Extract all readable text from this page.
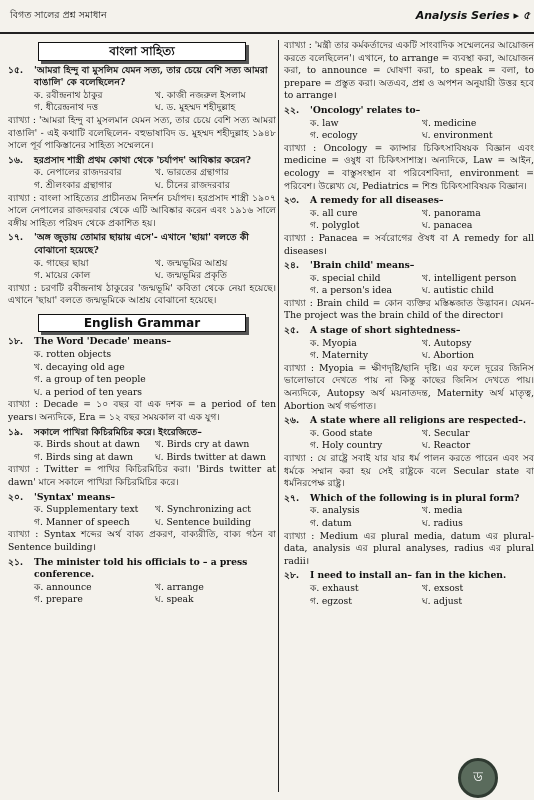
বিগত সালের প্রশ্ন সমাধান	Analysis Series ▸ ৫
বাংলা সাহিত্য
১৫.	'আমরা হিন্দু বা মুসলিম যেমন সত্য, তার চেয়ে বেশি সত্য আমরা বাঙালি' কে বলেছিলেন?
ক. রবীন্দ্রনাথ ঠাকুর	খ. কাজী নজরুল ইসলাম
গ. ধীরেন্দ্রনাথ দত্ত	ঘ. ড. মুহম্মদ শহীদুল্লাহ
ব্যাখ্যা : 'আমরা হিন্দু বা মুসলমান যেমন সত্য, তার চেয়ে বেশি সত্য আমরা বাঙালি' - এই কথাটি বলেছিলেন- বহুভাষাবিদ ড. মুহম্মদ শহীদুল্লাহ ১৯৪৮ সালে পূর্ব পাকিস্তানের সাহিত্য সম্মেলনে।
১৬.	হরপ্রসাদ শাস্ত্রী প্রথম কোথা থেকে 'চর্যাপদ' আবিষ্কার করেন?
ক. নেপালের রাজদরবার	খ. ভারতের গ্রন্থাগার
গ. শ্রীলংকার গ্রন্থাগার	ঘ. চীনের রাজদরবার
ব্যাখ্যা : বাংলা সাহিত্যের প্রাচীনতম নিদর্শন চর্যাপদ। হরপ্রসাদ শাস্ত্রী ১৯০৭ সালে নেপালের রাজদরবার থেকে এটি আবিষ্কার করেন এবং ১৯১৬ সালে বঙ্গীয় সাহিত্য পরিষদ থেকে প্রকাশিত হয়।
১৭.	'অঙ্গ জুড়ায় তোমার ছায়ায় এসে'- এখানে 'ছায়া' বলতে কী বোঝানো হয়েছে?
ক. গাছের ছায়া	খ. জন্মভূমির আশ্রয়
গ. মায়ের কোল	ঘ. জন্মভূমির প্রকৃতি
ব্যাখ্যা : চরণটি রবীন্দ্রনাথ ঠাকুরের 'জন্মভূমি' কবিতা থেকে নেয়া হয়েছে। এখানে 'ছায়া' বলতে জন্মভূমিকে আশ্রয় বোঝানো হয়েছে।
English Grammar
১৮.	The Word 'Decade' means–
ক. rotten objects
খ. decaying old age
গ. a group of ten people
ঘ. a period of ten years
ব্যাখ্যা : Decade = ১০ বছর বা এক দশক = a period of ten years। অন্যদিকে, Era = ১২ বছর সময়কাল বা এক যুগ।
১৯.	সকালে পাখিরা কিচিরমিচির করে। ইংরেজিতে–
ক. Birds shout at dawn	খ. Birds cry at dawn
গ. Birds sing at dawn	ঘ. Birds twitter at dawn
ব্যাখ্যা : Twitter = পাখির কিচিরমিচির করা। 'Birds twitter at dawn' মানে সকালে পাখিরা কিচিরমিচির করে।
২০.	'Syntax' means–
ক. Supplementary text	খ. Synchronizing act
গ. Manner of speech	ঘ. Sentence building
ব্যাখ্যা : Syntax শব্দের অর্থ বাক্য প্রকরণ, বাক্যরীতি, বাক্য গঠন বা Sentence building।
২১.	The minister told his officials to – a press conference.
ক. announce	খ. arrange
গ. prepare	ঘ. speak
ব্যাখ্যা : 'মন্ত্রী তার কর্মকর্তাদের একটি সাংবাদিক সম্মেলনের আয়োজন করতে বলেছিলেন'। এখানে, to arrange = ব্যবস্থা করা, আয়োজন করা, to announce = ঘোষণা করা, to speak = বলা, to prepare = প্রস্তুত করা। অতএব, প্রশ্ন ও অপশন অনুযায়ী উত্তর হবে to arrange।
২২.	'Oncology' relates to–
ক. law	খ. medicine
গ. ecology	ঘ. environment
ব্যাখ্যা : Oncology = ক্যান্সার চিকিৎসাবিষয়ক বিজ্ঞান এবং medicine = ওষুধ বা চিকিৎসাশাস্ত্র। অন্যদিকে, Law = আইন, ecology = বাস্তুসংস্থান বা পরিবেশবিদ্যা, environment = পরিবেশ। উল্লেখ্য যে, Pediatrics = শিশু চিকিৎসাবিষয়ক বিজ্ঞান।
২৩.	A remedy for all diseases–
ক. all cure	খ. panorama
গ. polyglot	ঘ. panacea
ব্যাখ্যা : Panacea = সর্বরোগের ঔষধ বা A remedy for all diseases।
২৪.	'Brain child' means–
ক. special child	খ. intelligent person
গ. a person's idea	ঘ. autistic child
ব্যাখ্যা : Brain child = কোন ব্যক্তির মস্তিষ্কজাত উদ্ভাবন। যেমন- The project was the brain child of the director।
২৫.	A stage of short sightedness–
ক. Myopia	খ. Autopsy
গ. Maternity	ঘ. Abortion
ব্যাখ্যা : Myopia = ক্ষীণদৃষ্টি/ছানি দৃষ্টি। এর ফলে দূরের জিনিস ভালোভাবে দেখতে পায় না কিন্তু কাছের জিনিস দেখতে পায়। অন্যদিকে, Autopsy অর্থ ময়নাতদন্ত, Maternity অর্থ মাতৃত্ব, Abortion অর্থ গর্ভপাত।
২৬.	A state where all religions are respected–.
ক. Good state	খ. Secular
গ. Holy country	ঘ. Reactor
ব্যাখ্যা : যে রাষ্ট্রে সবাই যার যার ধর্ম পালন করতে পারেন এবং সব ধর্মকে সম্মান করা হয় সেই রাষ্ট্রকে বলে Secular state বা ধর্মনিরপেক্ষ রাষ্ট্র।
২৭.	Which of the following is in plural form?
ক. analysis	খ. media
গ. datum	ঘ. radius
ব্যাখ্যা : Medium এর plural media, datum এর plural-data, analysis এর plural analyses, radius এর plural radii।
২৮.	I need to install an– fan in the kichen.
ক. exhaust	খ. exsost
গ. egzost	ঘ. adjust
ড
